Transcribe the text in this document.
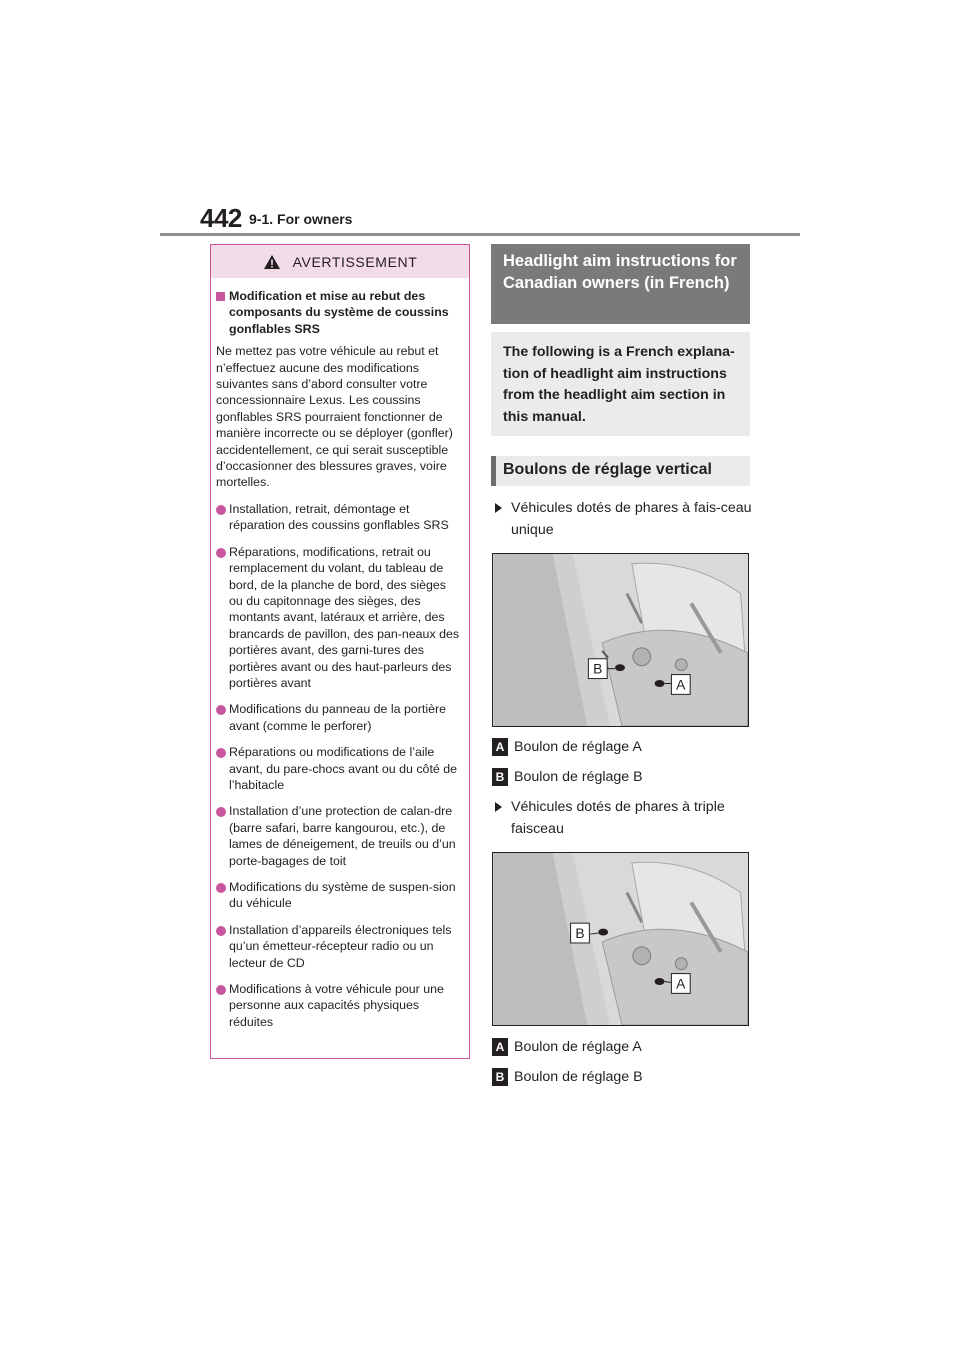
442 9-1. For owners
AVERTISSEMENT
Modification et mise au rebut des composants du système de coussins gonflables SRS

Ne mettez pas votre véhicule au rebut et n’effectuez aucune des modifications suivantes sans d’abord consulter votre concessionnaire Lexus. Les coussins gonflables SRS pourraient fonctionner de manière incorrecte ou se déployer (gonfler) accidentellement, ce qui serait susceptible d’occasionner des blessures graves, voire mortelles.

Installation, retrait, démontage et réparation des coussins gonflables SRS
Réparations, modifications, retrait ou remplacement du volant, du tableau de bord, de la planche de bord, des sièges ou du capitonnage des sièges, des montants avant, latéraux et arrière, des brancards de pavillon, des pan-neaux des portières avant, des garni-tures des portières avant ou des haut-parleurs des portières avant
Modifications du panneau de la portière avant (comme le perforer)
Réparations ou modifications de l’aile avant, du pare-chocs avant ou du côté de l’habitacle
Installation d’une protection de calan-dre (barre safari, barre kangourou, etc.), de lames de déneigement, de treuils ou d’un porte-bagages de toit
Modifications du système de suspen-sion du véhicule
Installation d’appareils électroniques tels qu’un émetteur-récepteur radio ou un lecteur de CD
Modifications à votre véhicule pour une personne aux capacités physiques réduites
Headlight aim instructions for Canadian owners (in French)
The following is a French explana-tion of headlight aim instructions from the headlight aim section in this manual.
Boulons de réglage vertical
Véhicules dotés de phares à fais-ceau unique
B
A
A Boulon de réglage A
B Boulon de réglage B
Véhicules dotés de phares à triple faisceau
B
A
A Boulon de réglage A
B Boulon de réglage B
